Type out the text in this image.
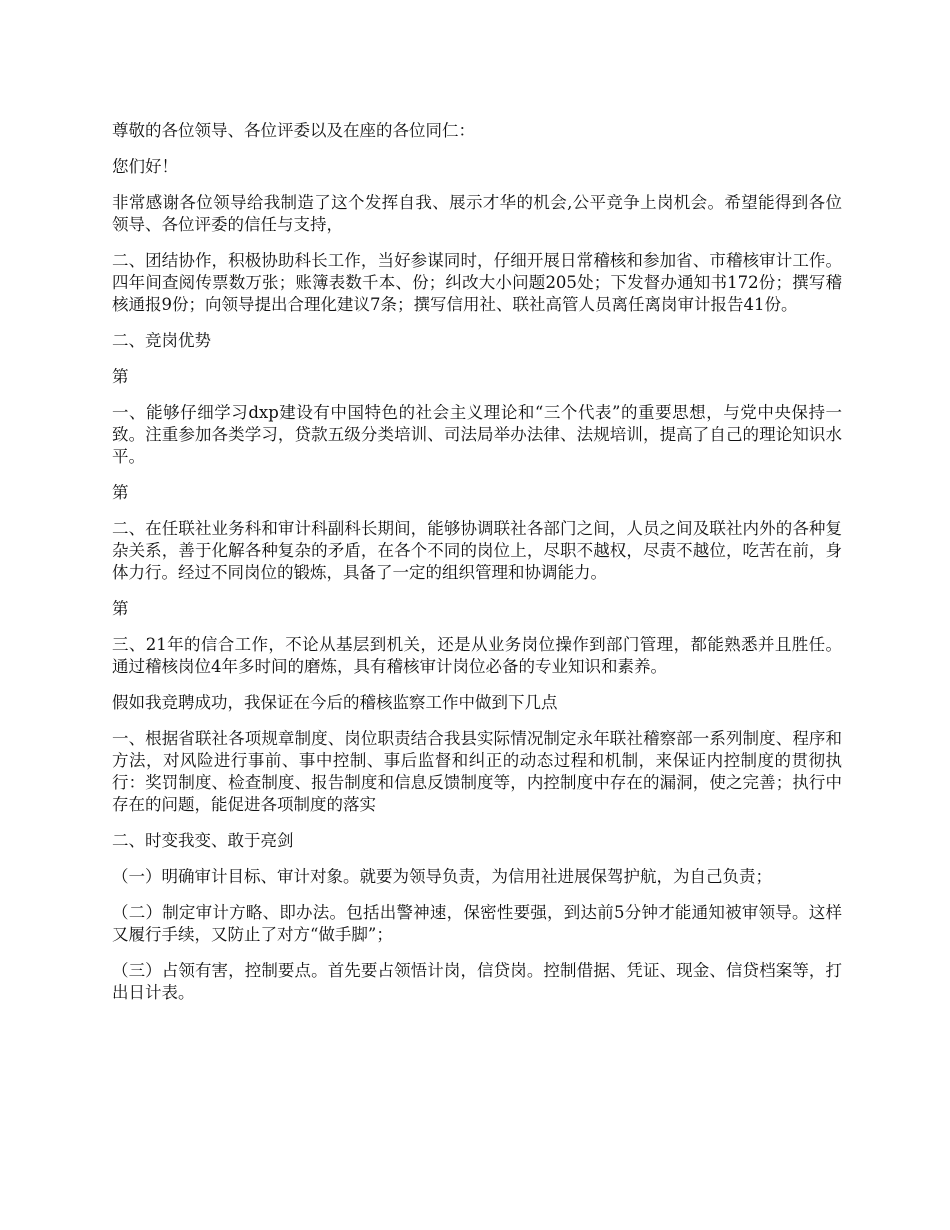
尊敬的各位领导、各位评委以及在座的各位同仁：

您们好！

非常感谢各位领导给我制造了这个发挥自我、展示才华的机会,公平竞争上岗机会。希望能得到各位领导、各位评委的信任与支持，

二、团结协作，积极协助科长工作，当好参谋同时，仔细开展日常稽核和参加省、市稽核审计工作。四年间查阅传票数万张；账簿表数千本、份；纠改大小问题205处；下发督办通知书172份；撰写稽核通报9份；向领导提出合理化建议7条；撰写信用社、联社高管人员离任离岗审计报告41份。

二、竞岗优势

第

一、能够仔细学习dxp建设有中国特色的社会主义理论和“三个代表”的重要思想，与党中央保持一致。注重参加各类学习，贷款五级分类培训、司法局举办法律、法规培训，提高了自己的理论知识水平。

第

二、在任联社业务科和审计科副科长期间，能够协调联社各部门之间，人员之间及联社内外的各种复杂关系，善于化解各种复杂的矛盾，在各个不同的岗位上，尽职不越权，尽责不越位，吃苦在前，身体力行。经过不同岗位的锻炼，具备了一定的组织管理和协调能力。

第

三、21年的信合工作，不论从基层到机关，还是从业务岗位操作到部门管理，都能熟悉并且胜任。通过稽核岗位4年多时间的磨炼，具有稽核审计岗位必备的专业知识和素养。

假如我竞聘成功，我保证在今后的稽核监察工作中做到下几点

一、根据省联社各项规章制度、岗位职责结合我县实际情况制定永年联社稽察部一系列制度、程序和方法，对风险进行事前、事中控制、事后监督和纠正的动态过程和机制，来保证内控制度的贯彻执行：奖罚制度、检查制度、报告制度和信息反馈制度等，内控制度中存在的漏洞，使之完善；执行中存在的问题，能促进各项制度的落实

二、时变我变、敢于亮剑

（一）明确审计目标、审计对象。就要为领导负责，为信用社进展保驾护航，为自己负责；

（二）制定审计方略、即办法。包括出警神速，保密性要强，到达前5分钟才能通知被审领导。这样又履行手续，又防止了对方“做手脚”；

（三）占领有害，控制要点。首先要占领悟计岗，信贷岗。控制借据、凭证、现金、信贷档案等，打出日计表。
